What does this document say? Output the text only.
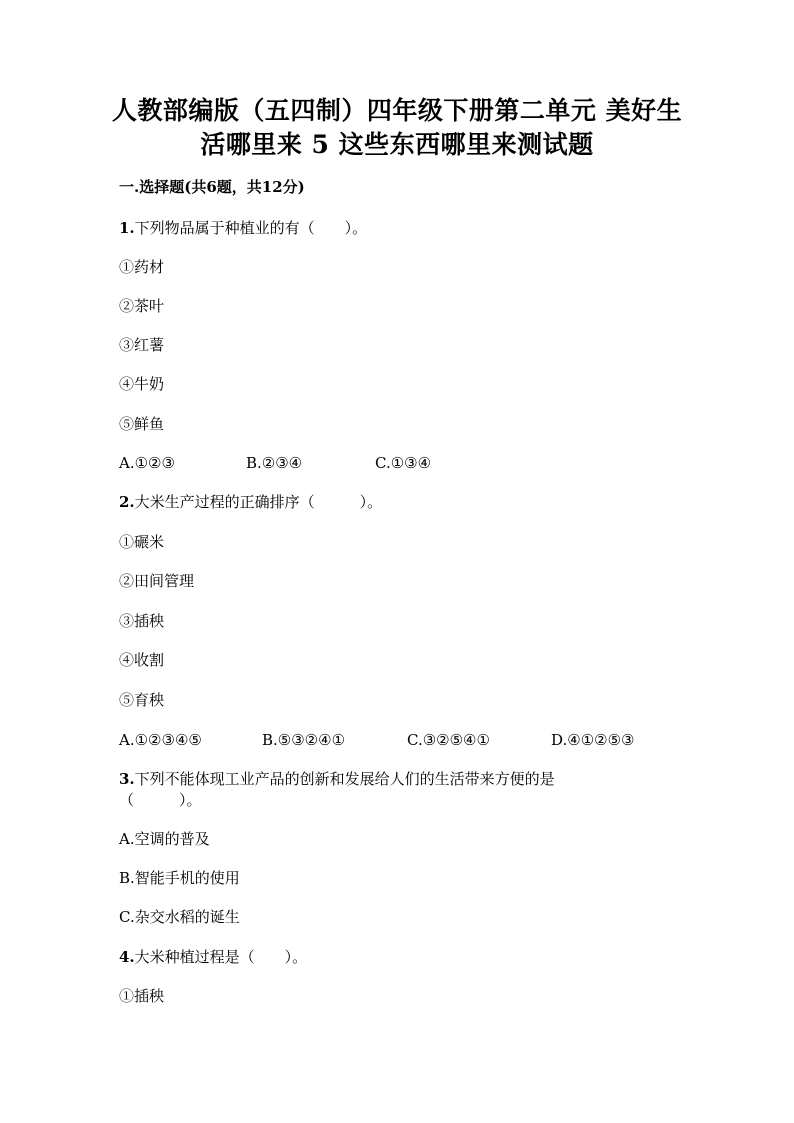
人教部编版（五四制）四年级下册第二单元 美好生
活哪里来 5 这些东西哪里来测试题
一.选择题(共6题，共12分)
1.下列物品属于种植业的有（　　）。
①药材
②茶叶
③红薯
④牛奶
⑤鲜鱼
A.①②③	B.②③④	C.①③④
2.大米生产过程的正确排序（　　　）。
①碾米
②田间管理
③插秧
④收割
⑤育秧
A.①②③④⑤	B.⑤③②④①	C.③②⑤④①	D.④①②⑤③
3.下列不能体现工业产品的创新和发展给人们的生活带来方便的是
（　　　）。
A.空调的普及
B.智能手机的使用
C.杂交水稻的诞生
4.大米种植过程是（　　）。
①插秧
